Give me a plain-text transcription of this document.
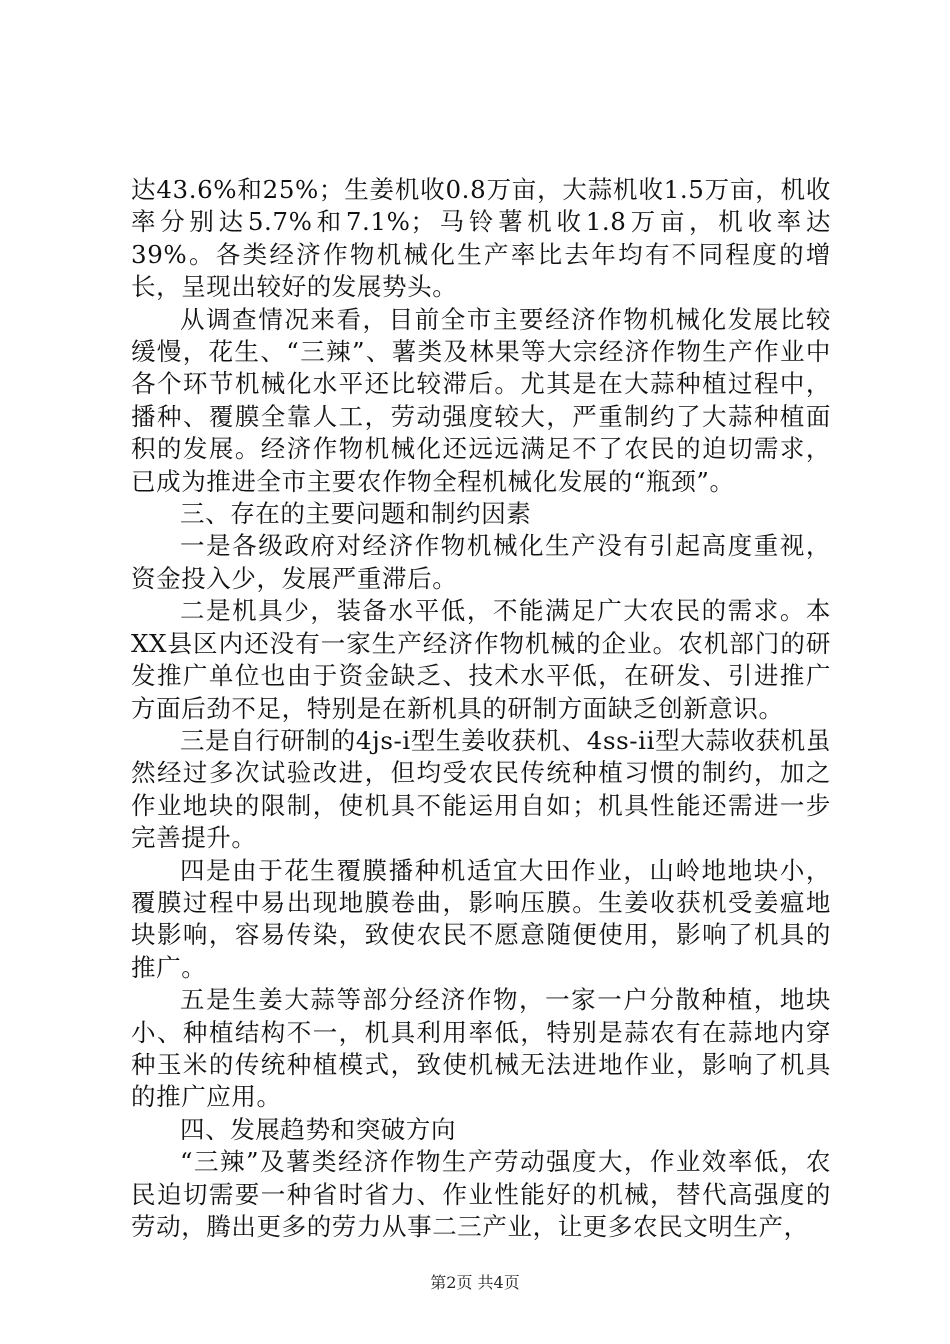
达43.6%和25%；生姜机收0.8万亩，大蒜机收1.5万亩，机收率分别达5.7%和7.1%；马铃薯机收1.8万亩，机收率达39%。各类经济作物机械化生产率比去年均有不同程度的增长，呈现出较好的发展势头。

从调查情况来看，目前全市主要经济作物机械化发展比较缓慢，花生、“三辣”、薯类及林果等大宗经济作物生产作业中各个环节机械化水平还比较滞后。尤其是在大蒜种植过程中，播种、覆膜全靠人工，劳动强度较大，严重制约了大蒜种植面积的发展。经济作物机械化还远远满足不了农民的迫切需求，已成为推进全市主要农作物全程机械化发展的“瓶颈”。

三、存在的主要问题和制约因素

一是各级政府对经济作物机械化生产没有引起高度重视，资金投入少，发展严重滞后。

二是机具少，装备水平低，不能满足广大农民的需求。本XX县区内还没有一家生产经济作物机械的企业。农机部门的研发推广单位也由于资金缺乏、技术水平低，在研发、引进推广方面后劲不足，特别是在新机具的研制方面缺乏创新意识。

三是自行研制的4js-i型生姜收获机、4ss-ii型大蒜收获机虽然经过多次试验改进，但均受农民传统种植习惯的制约，加之作业地块的限制，使机具不能运用自如；机具性能还需进一步完善提升。

四是由于花生覆膜播种机适宜大田作业，山岭地地块小，覆膜过程中易出现地膜卷曲，影响压膜。生姜收获机受姜瘟地块影响，容易传染，致使农民不愿意随便使用，影响了机具的推广。

五是生姜大蒜等部分经济作物，一家一户分散种植，地块小、种植结构不一，机具利用率低，特别是蒜农有在蒜地内穿种玉米的传统种植模式，致使机械无法进地作业，影响了机具的推广应用。

四、发展趋势和突破方向

“三辣”及薯类经济作物生产劳动强度大，作业效率低，农民迫切需要一种省时省力、作业性能好的机械，替代高强度的劳动，腾出更多的劳力从事二三产业，让更多农民文明生产，

第2页 共4页
